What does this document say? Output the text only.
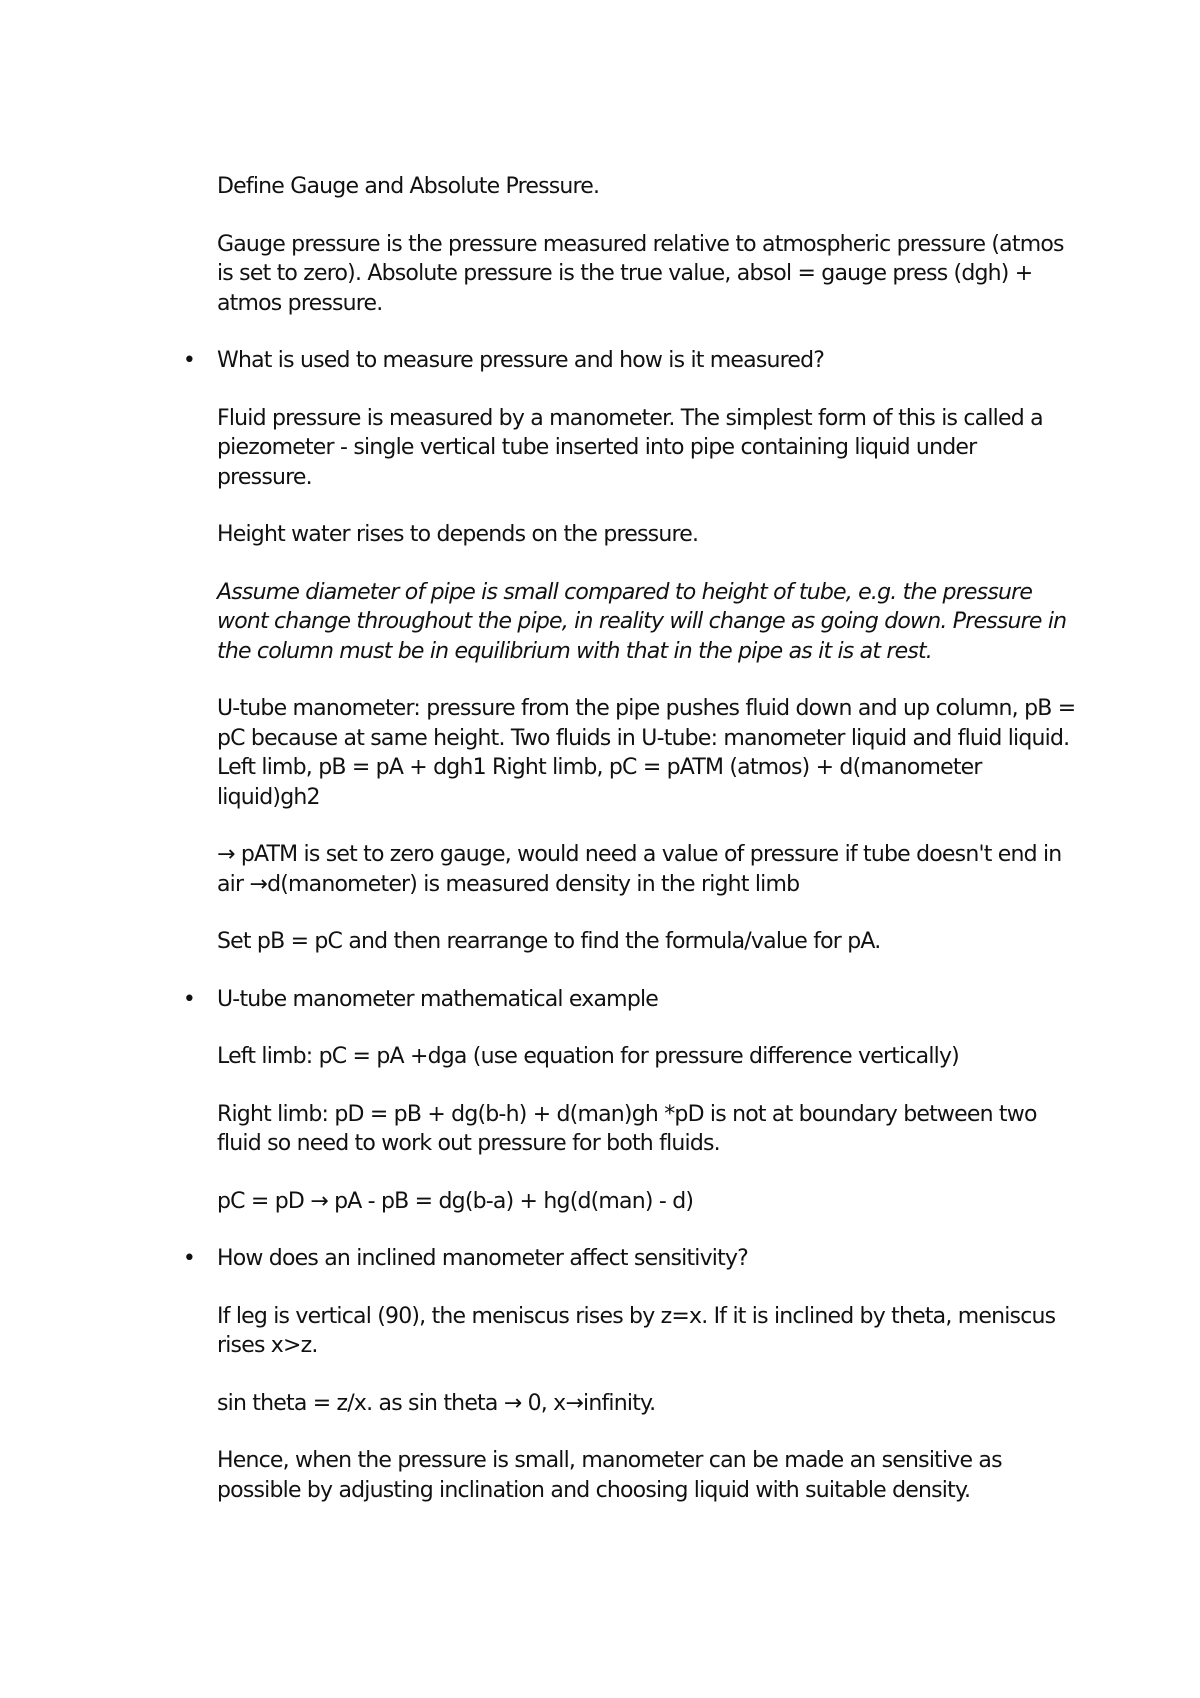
Define Gauge and Absolute Pressure.

Gauge pressure is the pressure measured relative to atmospheric pressure (atmos is set to zero). Absolute pressure is the true value, absol = gauge press (dgh) + atmos pressure.

• What is used to measure pressure and how is it measured?

Fluid pressure is measured by a manometer. The simplest form of this is called a piezometer - single vertical tube inserted into pipe containing liquid under pressure.

Height water rises to depends on the pressure.

Assume diameter of pipe is small compared to height of tube, e.g. the pressure wont change throughout the pipe, in reality will change as going down. Pressure in the column must be in equilibrium with that in the pipe as it is at rest.

U-tube manometer: pressure from the pipe pushes fluid down and up column, pB = pC because at same height. Two fluids in U-tube: manometer liquid and fluid liquid. Left limb, pB = pA + dgh1 Right limb, pC = pATM (atmos) + d(manometer liquid)gh2

→ pATM is set to zero gauge, would need a value of pressure if tube doesn't end in air →d(manometer) is measured density in the right limb

Set pB = pC and then rearrange to find the formula/value for pA.

• U-tube manometer mathematical example

Left limb: pC = pA +dga (use equation for pressure difference vertically)

Right limb: pD = pB + dg(b-h) + d(man)gh *pD is not at boundary between two fluid so need to work out pressure for both fluids.

pC = pD → pA - pB = dg(b-a) + hg(d(man) - d)

• How does an inclined manometer affect sensitivity?

If leg is vertical (90), the meniscus rises by z=x. If it is inclined by theta, meniscus rises x>z.

sin theta = z/x. as sin theta → 0, x→infinity.

Hence, when the pressure is small, manometer can be made an sensitive as possible by adjusting inclination and choosing liquid with suitable density.
